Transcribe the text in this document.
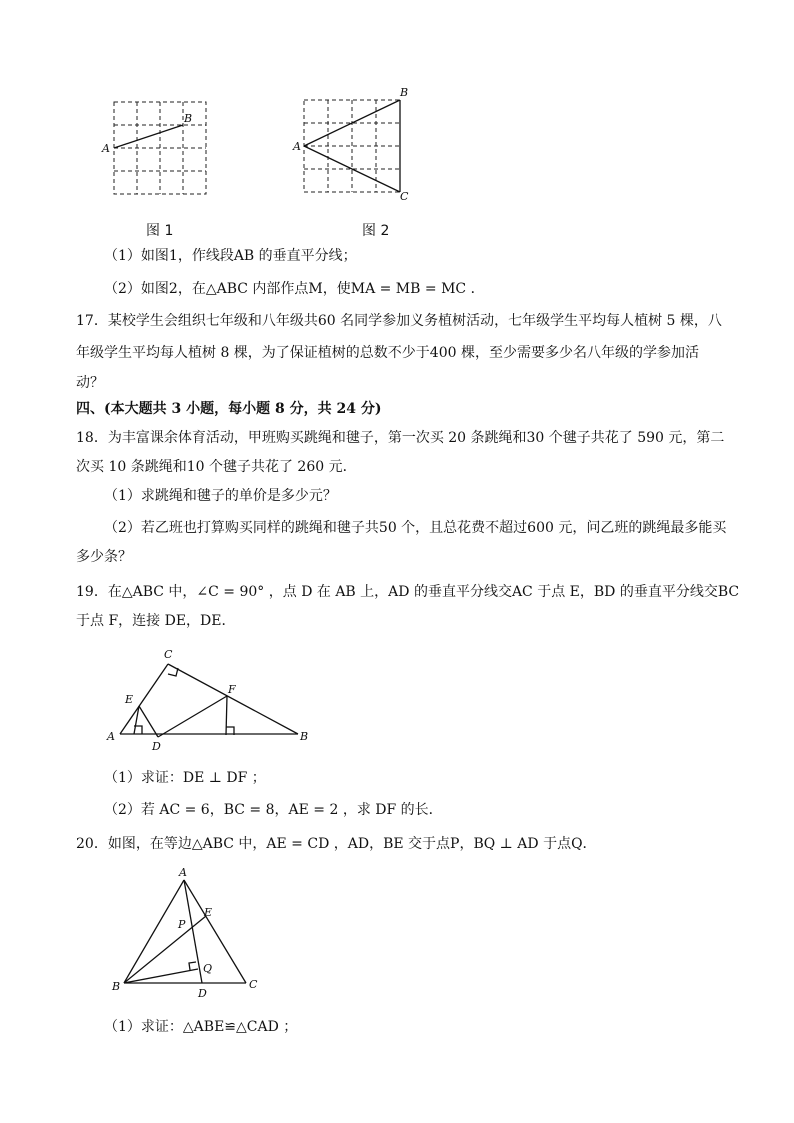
A
B
图 1
A
B
C
图 2
（1）如图1，作线段AB 的垂直平分线；
（2）如图2，在△ABC 内部作点M，使MA = MB = MC ．
17．某校学生会组织七年级和八年级共60 名同学参加义务植树活动，七年级学生平均每人植树 5 棵，八
年级学生平均每人植树 8 棵，为了保证植树的总数不少于400 棵，至少需要多少名八年级的学参加活
动？
四、(本大题共 3 小题，每小题 8 分，共 24 分)
18．为丰富课余体育活动，甲班购买跳绳和毽子，第一次买 20 条跳绳和30 个毽子共花了 590 元，第二
次买 10 条跳绳和10 个毽子共花了 260 元．
（1）求跳绳和毽子的单价是多少元？
（2）若乙班也打算购买同样的跳绳和毽子共50 个，且总花费不超过600 元，问乙班的跳绳最多能买
多少条？
19．在△ABC 中，∠C = 90° ，点 D 在 AB 上，AD 的垂直平分线交AC 于点 E，BD 的垂直平分线交BC
于点 F，连接 DE，DE．
A	B
C
D
E
F
（1）求证：DE ⊥ DF ；
（2）若 AC = 6，BC = 8，AE = 2 ，求 DF 的长．
20．如图，在等边△ABC 中，AE = CD ，AD，BE 交于点P，BQ ⊥ AD 于点Q．
A
B	C
D
E
P
Q
（1）求证：△ABE≌△CAD ；
